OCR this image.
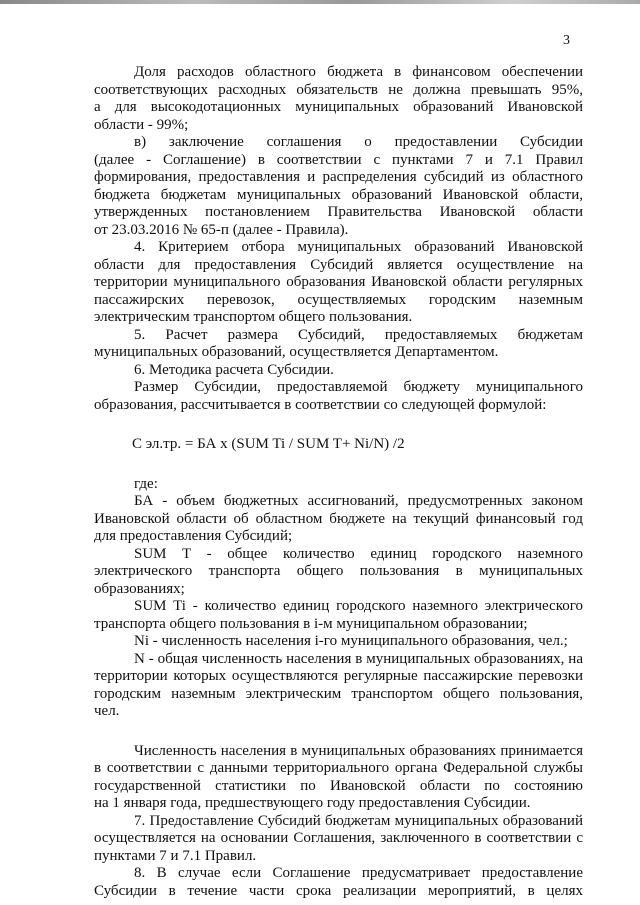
3

Доля расходов областного бюджета в финансовом обеспечении

соответствующих расходных обязательств не должна превышать 95%,

а для высокодотационных муниципальных образований Ивановской

области - 99%;

в) заключение соглашения о предоставлении Субсидии

(далее - Соглашение) в соответствии с пунктами 7 и 7.1 Правил

формирования, предоставления и распределения субсидий из областного

бюджета бюджетам муниципальных образований Ивановской области,

утвержденных постановлением Правительства Ивановской области

от 23.03.2016 № 65-п (далее - Правила).

4. Критерием отбора муниципальных образований Ивановской

области для предоставления Субсидий является осуществление на

территории муниципального образования Ивановской области регулярных

пассажирских перевозок, осуществляемых городским наземным

электрическим транспортом общего пользования.

5. Расчет размера Субсидий, предоставляемых бюджетам

муниципальных образований, осуществляется Департаментом.

6. Методика расчета Субсидии.

Размер Субсидии, предоставляемой бюджету муниципального

образования, рассчитывается в соответствии со следующей формулой:

С эл.тр. = БА х (SUM Ti / SUM T+ Ni/N) /2

где:

БА - объем бюджетных ассигнований, предусмотренных законом

Ивановской области об областном бюджете на текущий финансовый год

для предоставления Субсидий;

SUM T - общее количество единиц городского наземного

электрического транспорта общего пользования в муниципальных

образованиях;

SUM Ti - количество единиц городского наземного электрического

транспорта общего пользования в i-м муниципальном образовании;

Ni - численность населения i-го муниципального образования, чел.;

N - общая численность населения в муниципальных образованиях, на

территории которых осуществляются регулярные пассажирские перевозки

городским наземным электрическим транспортом общего пользования,

чел.

Численность населения в муниципальных образованиях принимается

в соответствии с данными территориального органа Федеральной службы

государственной статистики по Ивановской области по состоянию

на 1 января года, предшествующего году предоставления Субсидии.

7. Предоставление Субсидий бюджетам муниципальных образований

осуществляется на основании Соглашения, заключенного в соответствии с

пунктами 7 и 7.1 Правил.

8. В случае если Соглашение предусматривает предоставление

Субсидии в течение части срока реализации мероприятий, в целях
